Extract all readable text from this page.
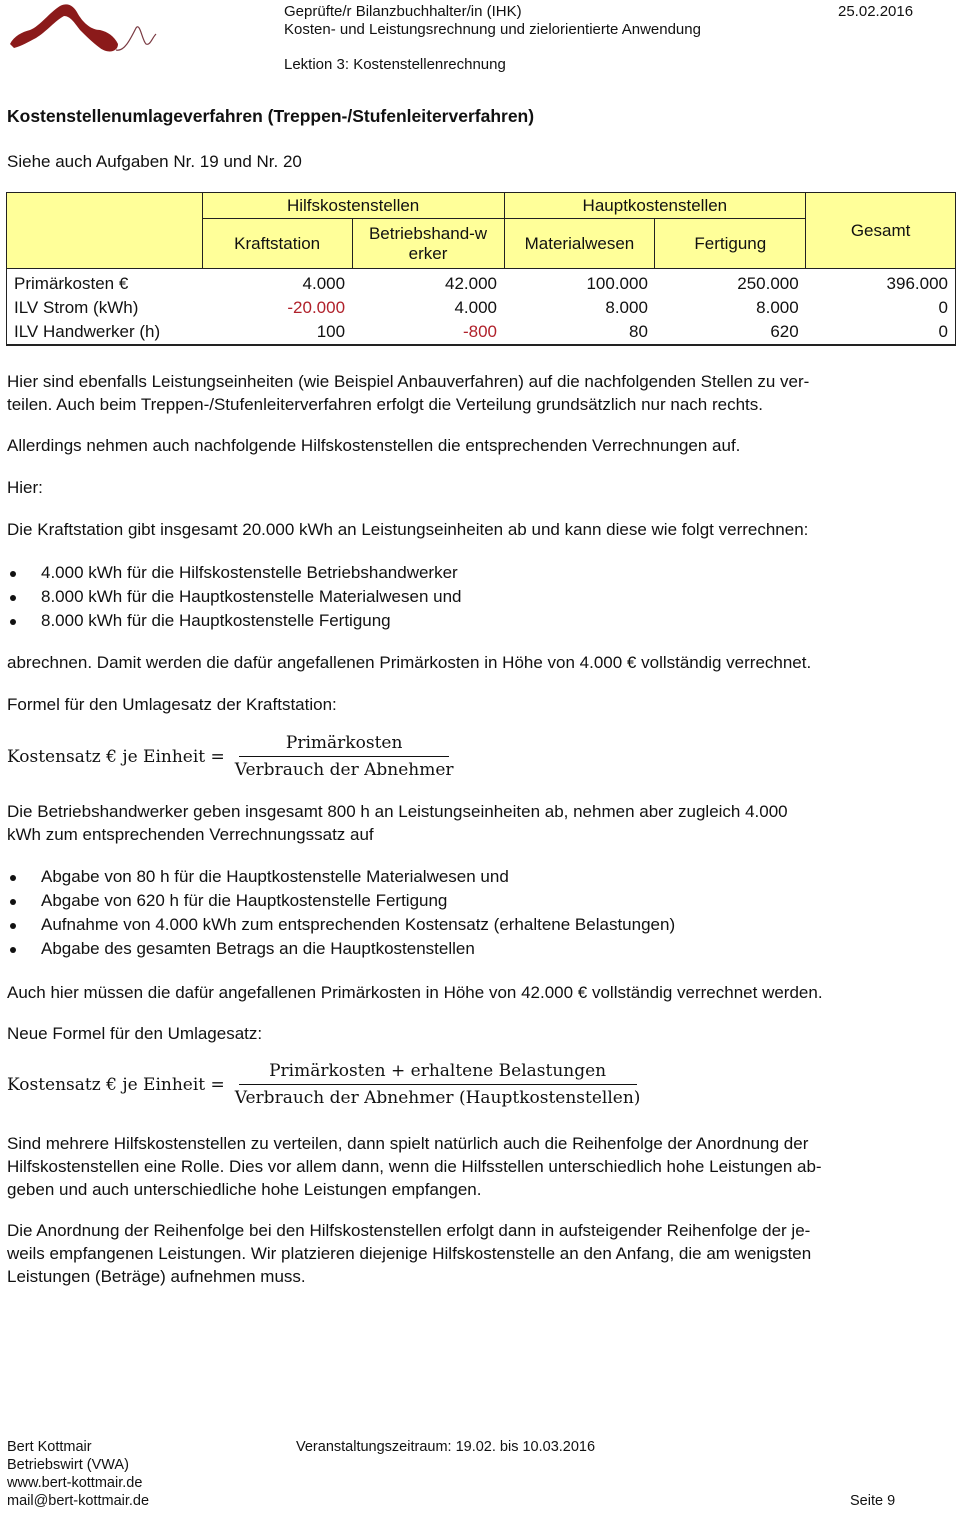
Geprüfte/r Bilanzbuchhalter/in (IHK)
Kosten- und Leistungsrechnung und zielorientierte Anwendung
Lektion 3: Kostenstellenrechnung
25.02.2016
Kostenstellenumlageverfahren (Treppen-/Stufenleiterverfahren)
Siehe auch Aufgaben Nr. 19 und Nr. 20
	Hilfskostenstellen		Hauptkostenstellen		Gesamt
	Kraftstation	Betriebshand-werker	Materialwesen	Fertigung	
Primärkosten €	4.000	42.000	100.000	250.000	396.000
ILV Strom (kWh)	-20.000	4.000	8.000	8.000	0
ILV Handwerker (h)	100	-800	80	620	0
Hier sind ebenfalls Leistungseinheiten (wie Beispiel Anbauverfahren) auf die nachfolgenden Stellen zu ver-
teilen. Auch beim Treppen-/Stufenleiterverfahren erfolgt die Verteilung grundsätzlich nur nach rechts.
Allerdings nehmen auch nachfolgende Hilfskostenstellen die entsprechenden Verrechnungen auf.
Hier:
Die Kraftstation gibt insgesamt 20.000 kWh an Leistungseinheiten ab und kann diese wie folgt verrechnen:
4.000 kWh für die Hilfskostenstelle Betriebshandwerker
8.000 kWh für die Hauptkostenstelle Materialwesen und
8.000 kWh für die Hauptkostenstelle Fertigung
abrechnen. Damit werden die dafür angefallenen Primärkosten in Höhe von 4.000 € vollständig verrechnet.
Formel für den Umlagesatz der Kraftstation:
Kostensatz € je Einheit = $\frac{\text{Primärkosten}}{\text{Verbrauch der Abnehmer}}$
Die Betriebshandwerker geben insgesamt 800 h an Leistungseinheiten ab, nehmen aber zugleich 4.000
kWh zum entsprechenden Verrechnungssatz auf
Abgabe von 80 h für die Hauptkostenstelle Materialwesen und
Abgabe von 620 h für die Hauptkostenstelle Fertigung
Aufnahme von 4.000 kWh zum entsprechenden Kostensatz (erhaltene Belastungen)
Abgabe des gesamten Betrags an die Hauptkostenstellen
Auch hier müssen die dafür angefallenen Primärkosten in Höhe von 42.000 € vollständig verrechnet werden.
Neue Formel für den Umlagesatz:
Kostensatz € je Einheit = $\frac{\text{Primärkosten + erhaltene Belastungen}}{\text{Verbrauch der Abnehmer (Hauptkostenstellen)}}$
Sind mehrere Hilfskostenstellen zu verteilen, dann spielt natürlich auch die Reihenfolge der Anordnung der
Hilfskostenstellen eine Rolle. Dies vor allem dann, wenn die Hilfsstellen unterschiedlich hohe Leistungen ab-
geben und auch unterschiedliche hohe Leistungen empfangen.
Die Anordnung der Reihenfolge bei den Hilfskostenstellen erfolgt dann in aufsteigender Reihenfolge der je-
weils empfangenen Leistungen. Wir platzieren diejenige Hilfskostenstelle an den Anfang, die am wenigsten
Leistungen (Beträge) aufnehmen muss.
Bert Kottmair
Betriebswirt (VWA)
www.bert-kottmair.de
mail@bert-kottmair.de
Veranstaltungszeitraum: 19.02. bis 10.03.2016
Seite 9
